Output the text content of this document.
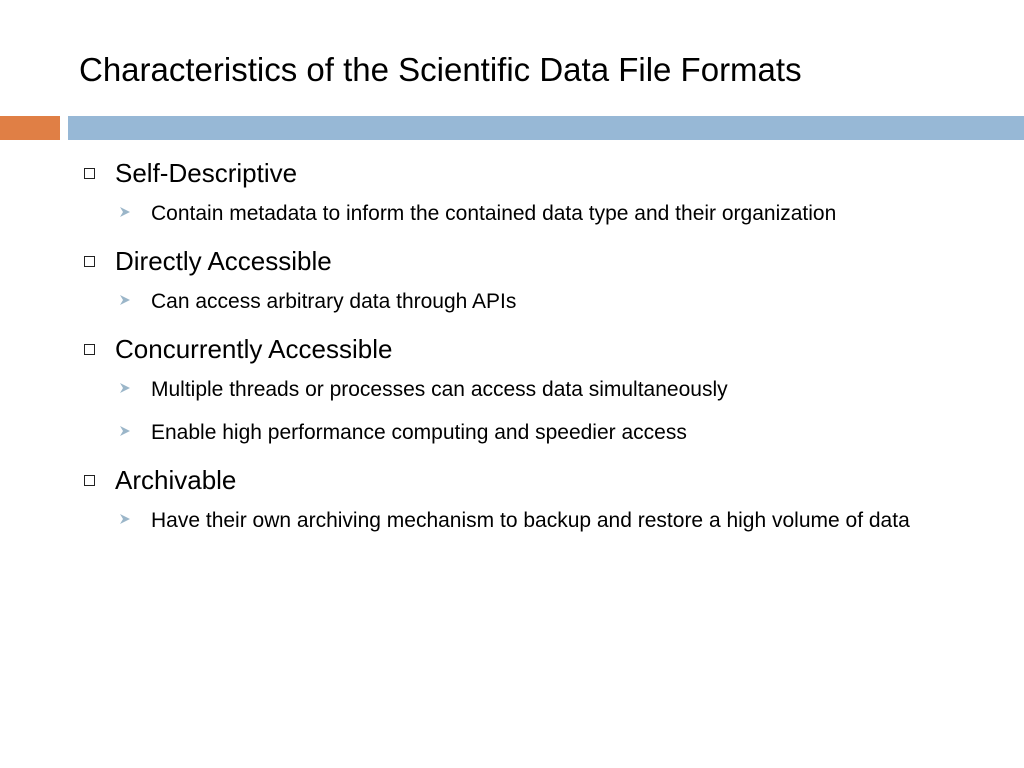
Characteristics of the Scientific Data File Formats
Self-Descriptive
Contain metadata to inform the contained data type and their organization
Directly Accessible
Can access arbitrary data through APIs
Concurrently Accessible
Multiple threads or processes can access data simultaneously
Enable high performance computing and speedier access
Archivable
Have their own archiving mechanism to backup and restore a high volume of data
